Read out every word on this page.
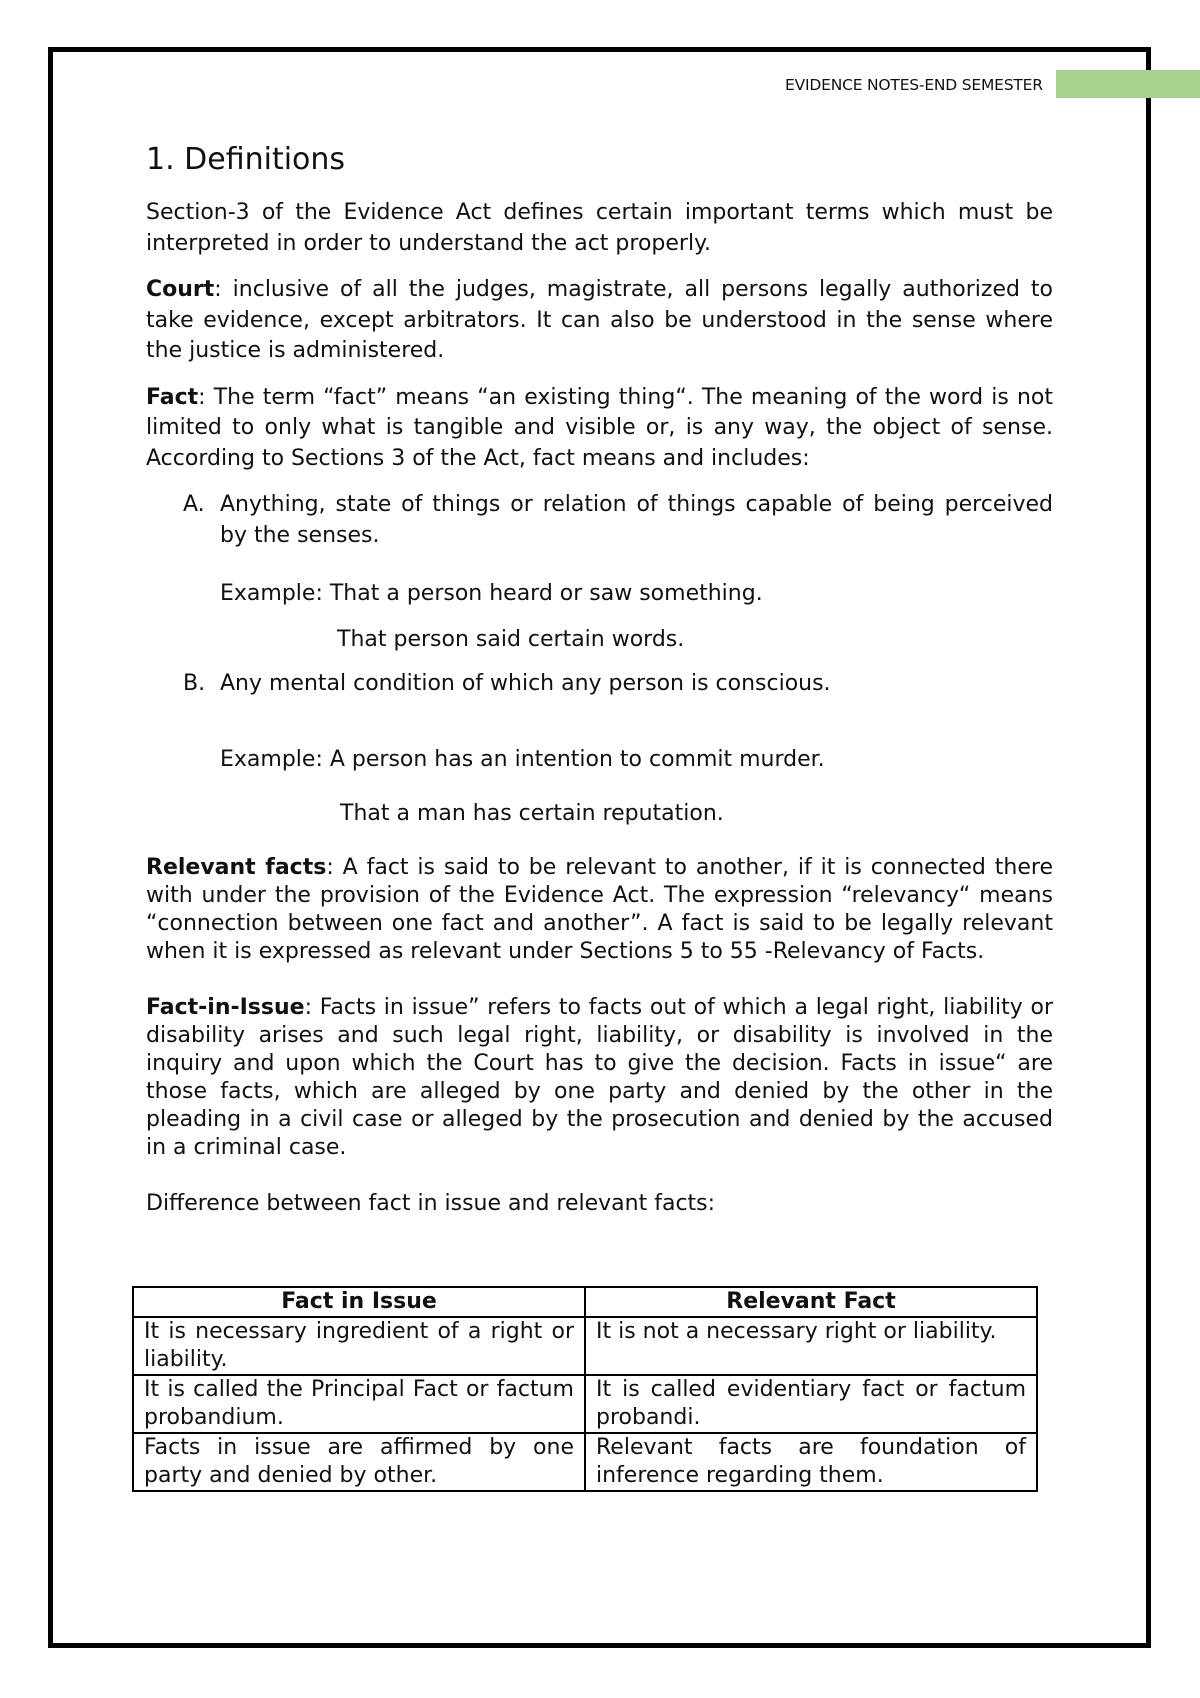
EVIDENCE NOTES-END SEMESTER
1. Definitions

Section-3 of the Evidence Act defines certain important terms which must be interpreted in order to understand the act properly.

Court: inclusive of all the judges, magistrate, all persons legally authorized to take evidence, except arbitrators. It can also be understood in the sense where the justice is administered.

Fact: The term “fact” means “an existing thing“. The meaning of the word is not limited to only what is tangible and visible or, is any way, the object of sense. According to Sections 3 of the Act, fact means and includes:

A. Anything, state of things or relation of things capable of being perceived by the senses.
Example: That a person heard or saw something.
That person said certain words.
B. Any mental condition of which any person is conscious.
Example: A person has an intention to commit murder.
That a man has certain reputation.

Relevant facts: A fact is said to be relevant to another, if it is connected there with under the provision of the Evidence Act. The expression “relevancy“ means “connection between one fact and another”. A fact is said to be legally relevant when it is expressed as relevant under Sections 5 to 55 -Relevancy of Facts.

Fact-in-Issue: Facts in issue” refers to facts out of which a legal right, liability or disability arises and such legal right, liability, or disability is involved in the inquiry and upon which the Court has to give the decision. Facts in issue“ are those facts, which are alleged by one party and denied by the other in the pleading in a civil case or alleged by the prosecution and denied by the accused in a criminal case.

Difference between fact in issue and relevant facts:

Fact in Issue	Relevant Fact
It is necessary ingredient of a right or liability.	It is not a necessary right or liability.
It is called the Principal Fact or factum probandium.	It is called evidentiary fact or factum probandi.
Facts in issue are affirmed by one party and denied by other.	Relevant facts are foundation of inference regarding them.
